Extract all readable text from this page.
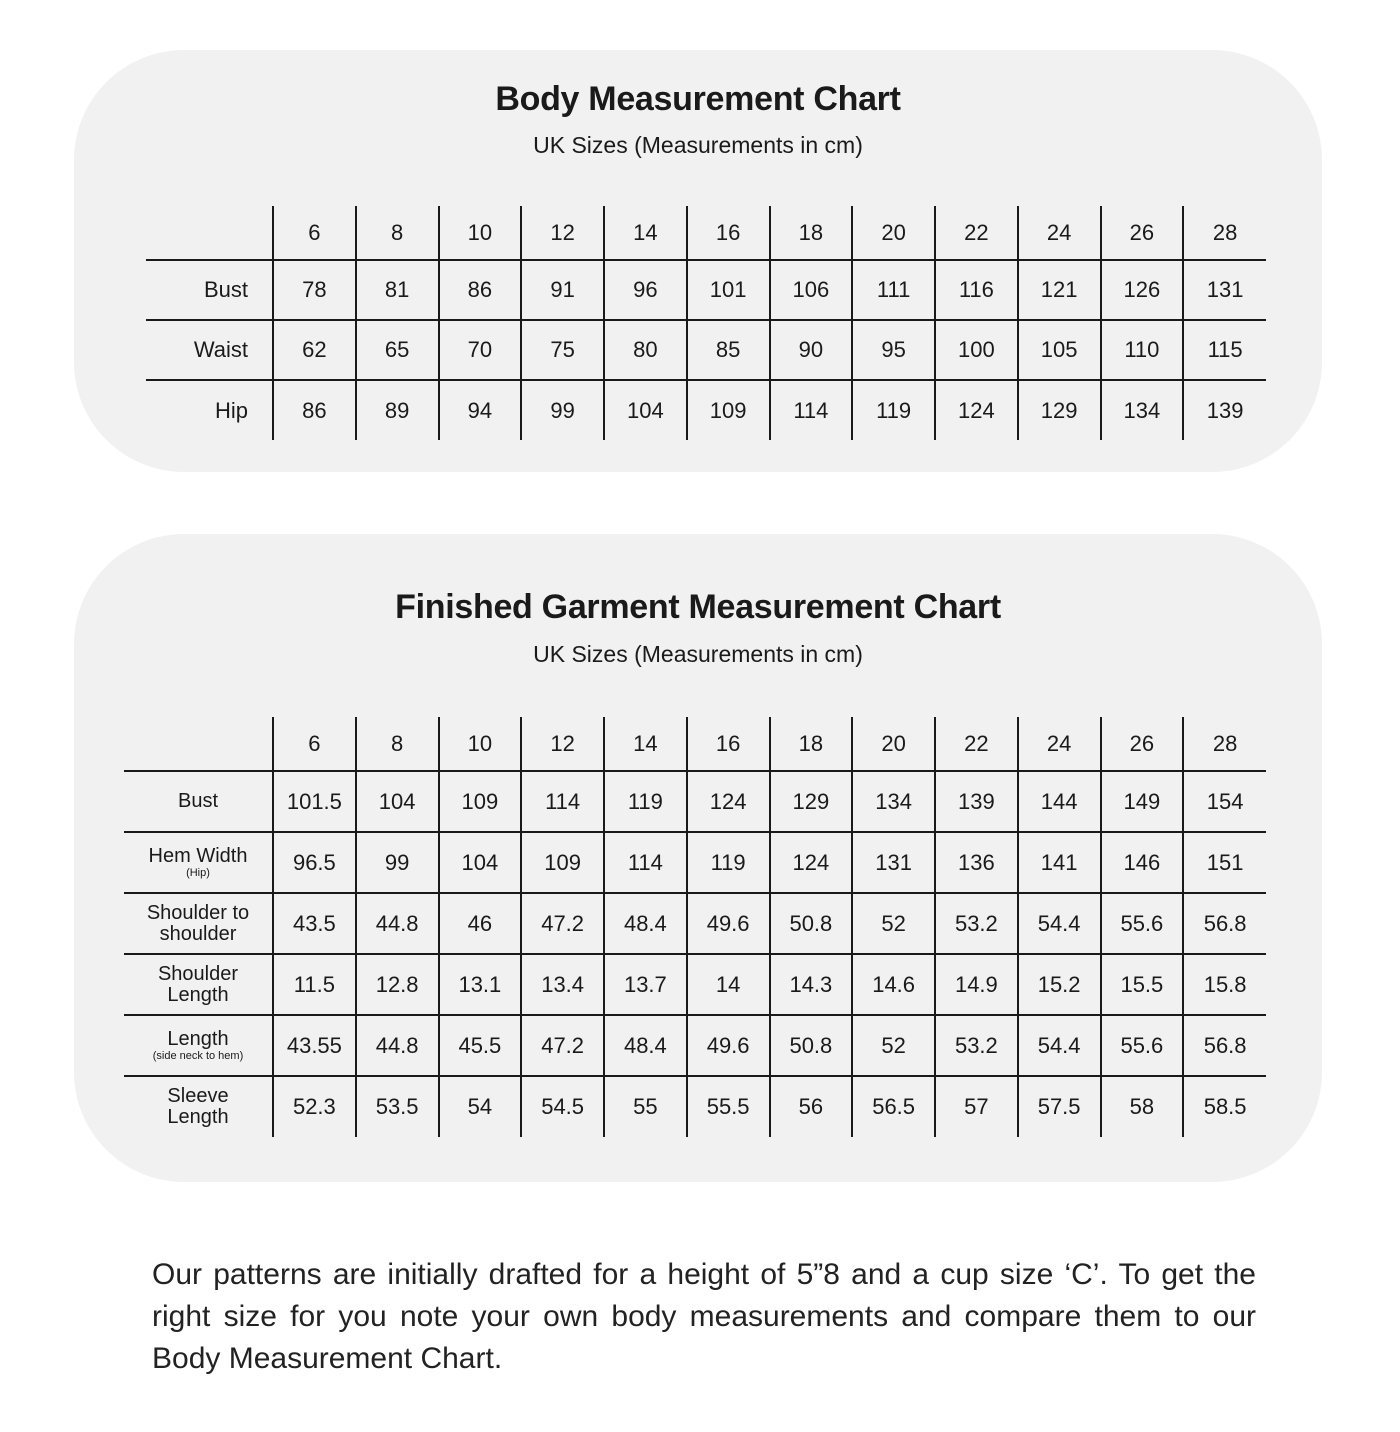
Body Measurement Chart
UK Sizes (Measurements in cm)
	6	8	10	12	14	16	18	20	22	24	26	28

Bust	78	81	86	91	96	101	106	111	116	121	126	131

Waist	62	65	70	75	80	85	90	95	100	105	110	115

Hip	86	89	94	99	104	109	114	119	124	129	134	139
Finished Garment Measurement Chart
UK Sizes (Measurements in cm)
	6	8	10	12	14	16	18	20	22	24	26	28

Bust	101.5	104	109	114	119	124	129	134	139	144	149	154

Hem Width
(Hip)	96.5	99	104	109	114	119	124	131	136	141	146	151

Shoulder to shoulder	43.5	44.8	46	47.2	48.4	49.6	50.8	52	53.2	54.4	55.6	56.8

Shoulder Length	11.5	12.8	13.1	13.4	13.7	14	14.3	14.6	14.9	15.2	15.5	15.8

Length
(side neck to hem)	43.55	44.8	45.5	47.2	48.4	49.6	50.8	52	53.2	54.4	55.6	56.8

Sleeve Length	52.3	53.5	54	54.5	55	55.5	56	56.5	57	57.5	58	58.5

Our patterns are initially drafted for a height of 5”8 and a cup size ‘C’. To get the right size for you note your own body measurements and compare them to our Body Measurement Chart.
